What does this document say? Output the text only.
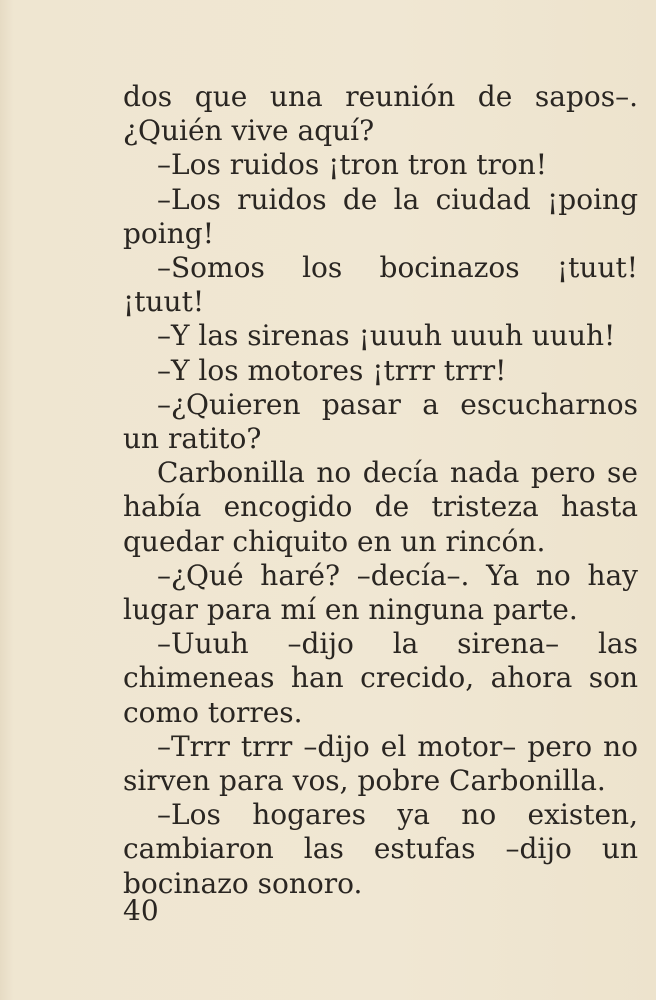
dos que una reunión de sapos–. ¿Quién vive aquí?

–Los ruidos ¡tron tron tron!

–Los ruidos de la ciudad ¡poing poing!

–Somos los bocinazos ¡tuut! ¡tuut!

–Y las sirenas ¡uuuh uuuh uuuh!

–Y los motores ¡trrr trrr!

–¿Quieren pasar a escucharnos un ratito?

Carbonilla no decía nada pero se había encogido de tristeza hasta quedar chiquito en un rincón.

–¿Qué haré? –decía–. Ya no hay lugar para mí en ninguna parte.

–Uuuh –dijo la sirena– las chimeneas han crecido, ahora son como torres.

–Trrr trrr –dijo el motor– pero no sirven para vos, pobre Carbonilla.

–Los hogares ya no existen, cambiaron las estufas –dijo un bocinazo sonoro.

40
